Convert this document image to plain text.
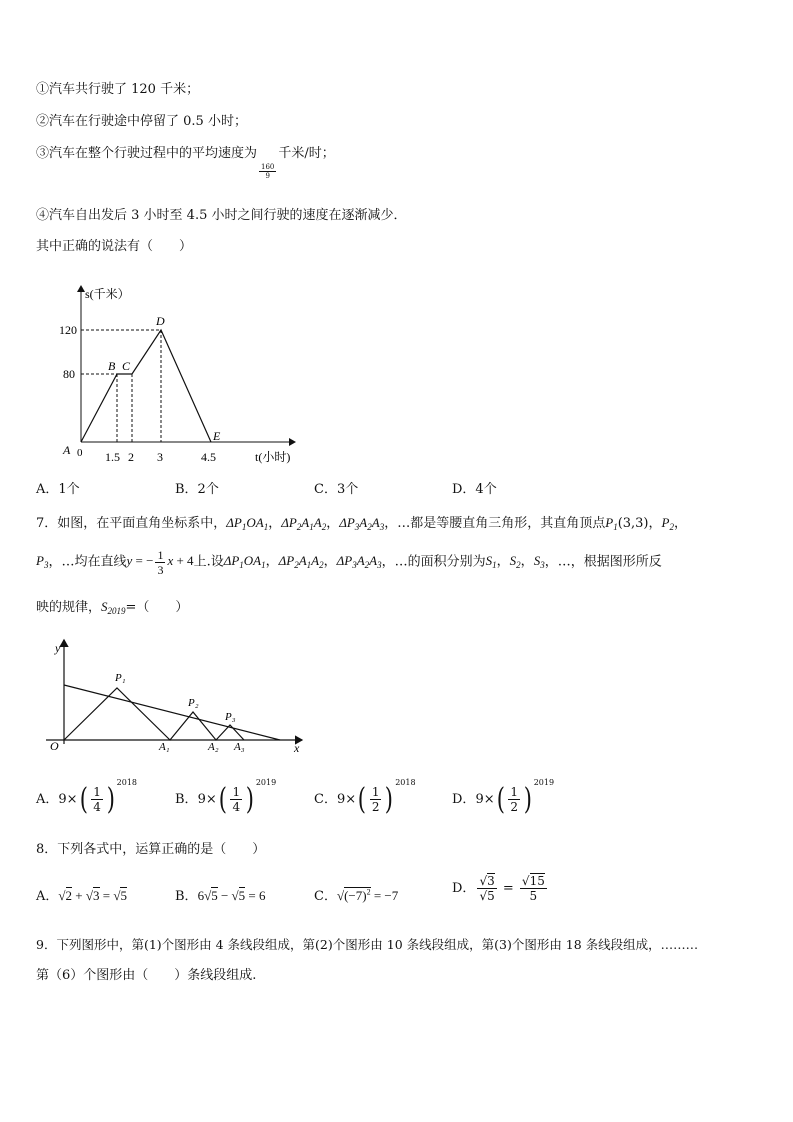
①汽车共行驶了 120 千米；
②汽车在行驶途中停留了 0.5 小时；
③汽车在整个行驶过程中的平均速度为
$\frac{160}{9}$
千米/时；
④汽车自出发后 3 小时至 4.5 小时之间行驶的速度在逐渐减少．
其中正确的说法有（　　）
s(千米）
120
80
A 0 1.5 2 3	4.5	t(小时)
B C
D
E
A．1个	B．2个	C．3个	D．4个
7．如图，在平面直角坐标系中，$\Delta P_1OA_1$，$\Delta P_2A_1A_2$，$\Delta P_3A_2A_3$，…都是等腰直角三角形，其直角顶点$P_1(3,3)$，$P_2$，
$P_3$，…均在直线y = − $\frac{1}{3}$ x + 4上.设$\Delta P_1OA_1$，$\Delta P_2A_1A_2$，$\Delta P_3A_2A_3$，…的面积分别为$S_1$，$S_2$，$S_3$，…，根据图形所反
映的规律，$S_{2019}=$（　　）
y
x
O
P₁
P₂
P₃
A₁	A₂ A₃
A．$9\times( \frac{1}{4}$ ) $^{2018}$
B．$9\times( \frac{1}{4}$ ) $^{2019}$
C．$9\times( \frac{1}{2}$ ) $^{2018}$
D．$9\times( \frac{1}{2}$ ) $^{2019}$
8．下列各式中，运算正确的是（　　）
A．√2 + √3 = √5	B．6√5 − √5 = 6	C．$√(-7)^2 = -7$	D． $\frac{√3}{√5} = \frac{√15}{5}$
9．下列图形中，第(1)个图形由 4 条线段组成，第(2)个图形由 10 条线段组成，第(3)个图形由 18 条线段组成，………
第（6）个图形由（　　）条线段组成.
